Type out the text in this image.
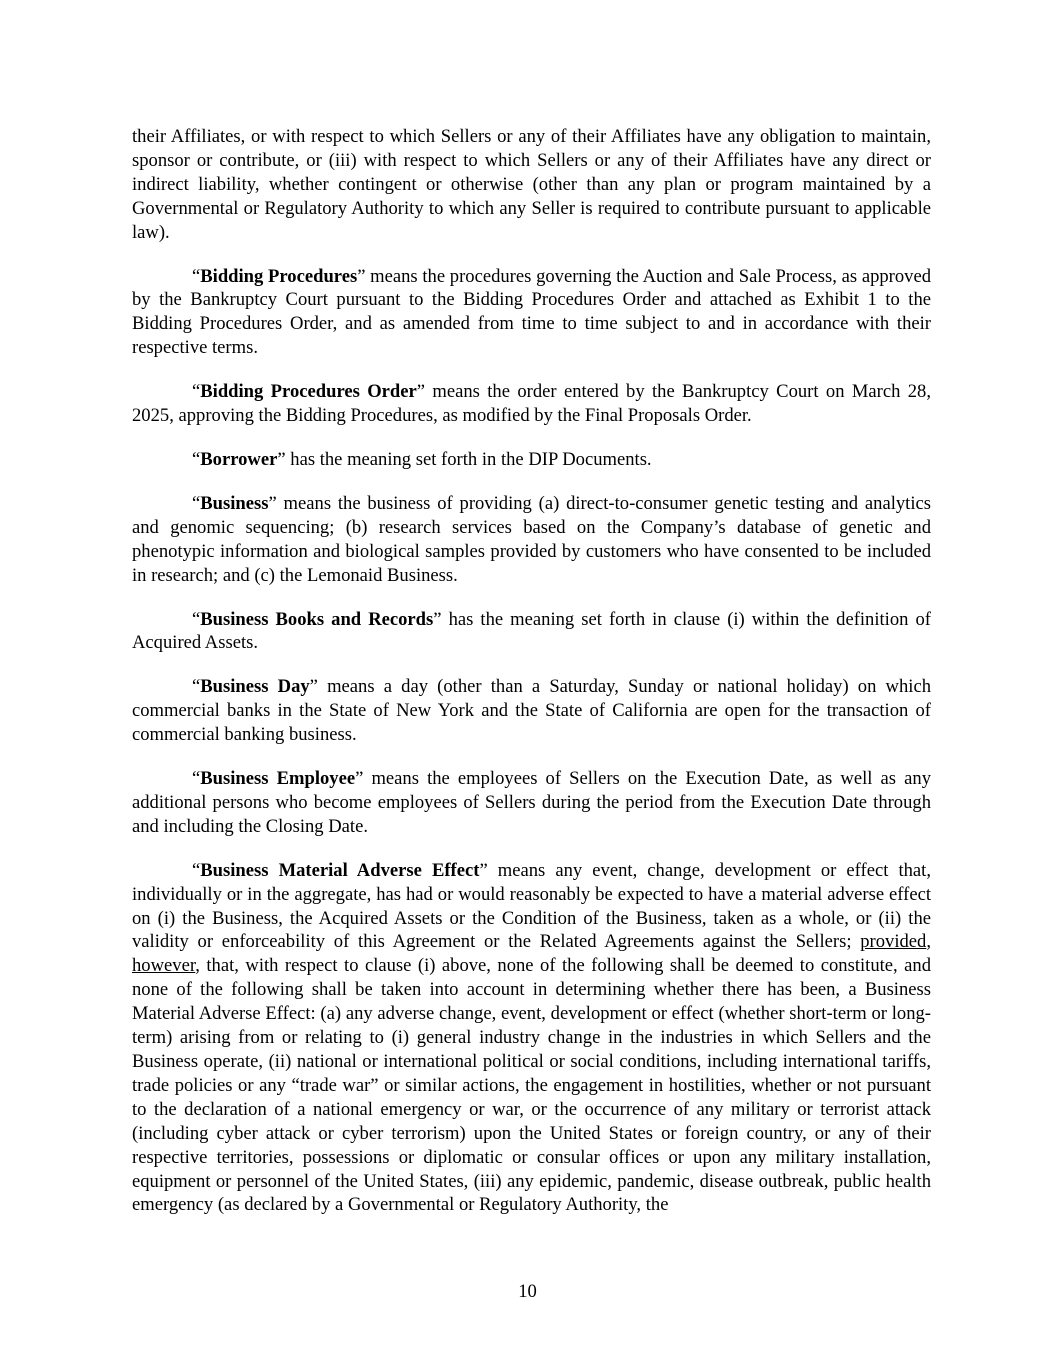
their Affiliates, or with respect to which Sellers or any of their Affiliates have any obligation to maintain, sponsor or contribute, or (iii) with respect to which Sellers or any of their Affiliates have any direct or indirect liability, whether contingent or otherwise (other than any plan or program maintained by a Governmental or Regulatory Authority to which any Seller is required to contribute pursuant to applicable law).

“Bidding Procedures” means the procedures governing the Auction and Sale Process, as approved by the Bankruptcy Court pursuant to the Bidding Procedures Order and attached as Exhibit 1 to the Bidding Procedures Order, and as amended from time to time subject to and in accordance with their respective terms.

“Bidding Procedures Order” means the order entered by the Bankruptcy Court on March 28, 2025, approving the Bidding Procedures, as modified by the Final Proposals Order.

“Borrower” has the meaning set forth in the DIP Documents.

“Business” means the business of providing (a) direct-to-consumer genetic testing and analytics and genomic sequencing; (b) research services based on the Company’s database of genetic and phenotypic information and biological samples provided by customers who have consented to be included in research; and (c) the Lemonaid Business.

“Business Books and Records” has the meaning set forth in clause (i) within the definition of Acquired Assets.

“Business Day” means a day (other than a Saturday, Sunday or national holiday) on which commercial banks in the State of New York and the State of California are open for the transaction of commercial banking business.

“Business Employee” means the employees of Sellers on the Execution Date, as well as any additional persons who become employees of Sellers during the period from the Execution Date through and including the Closing Date.

“Business Material Adverse Effect” means any event, change, development or effect that, individually or in the aggregate, has had or would reasonably be expected to have a material adverse effect on (i) the Business, the Acquired Assets or the Condition of the Business, taken as a whole, or (ii) the validity or enforceability of this Agreement or the Related Agreements against the Sellers; provided, however, that, with respect to clause (i) above, none of the following shall be deemed to constitute, and none of the following shall be taken into account in determining whether there has been, a Business Material Adverse Effect: (a) any adverse change, event, development or effect (whether short-term or long-term) arising from or relating to (i) general industry change in the industries in which Sellers and the Business operate, (ii) national or international political or social conditions, including international tariffs, trade policies or any “trade war” or similar actions, the engagement in hostilities, whether or not pursuant to the declaration of a national emergency or war, or the occurrence of any military or terrorist attack (including cyber attack or cyber terrorism) upon the United States or foreign country, or any of their respective territories, possessions or diplomatic or consular offices or upon any military installation, equipment or personnel of the United States, (iii) any epidemic, pandemic, disease outbreak, public health emergency (as declared by a Governmental or Regulatory Authority, the

10
